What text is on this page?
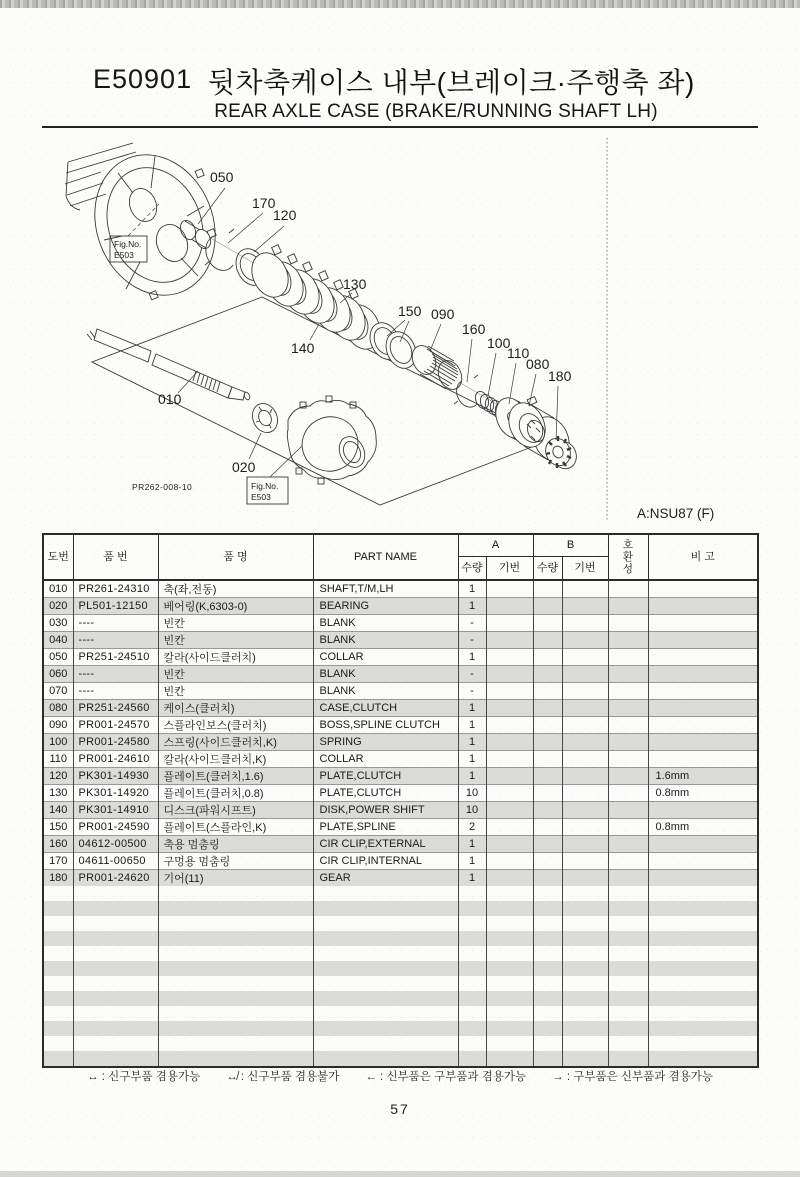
E50901 뒷차축케이스 내부(브레이크·주행축 좌)
REAR AXLE CASE (BRAKE/RUNNING SHAFT LH)
050
170
120
130
140
150 090
160
100
110
080
180
010
020
Fig.No.
E503
Fig.No.
E503
PR262-008-10
A:NSU87 (F)
도번	품 번	품 명	PART NAME	A		B		호환성	비 고
				수량	기번	수량	기번		
010	PR261-24310	축(좌,전동)	SHAFT,T/M,LH	1					
020	PL501-12150	베어링(K,6303-0)	BEARING	1					
030	----	빈칸	BLANK	-					
040	----	빈칸	BLANK	-					
050	PR251-24510	칼라(사이드클러치)	COLLAR	1					
060	----	빈칸	BLANK	-					
070	----	빈칸	BLANK	-					
080	PR251-24560	케이스(클러치)	CASE,CLUTCH	1					
090	PR001-24570	스플라인보스(클러치)	BOSS,SPLINE CLUTCH	1					
100	PR001-24580	스프링(사이드클러치,K)	SPRING	1					
110	PR001-24610	칼라(사이드클러치,K)	COLLAR	1					
120	PK301-14930	플레이트(클러치,1.6)	PLATE,CLUTCH	1					1.6mm
130	PK301-14920	플레이트(클러치,0.8)	PLATE,CLUTCH	10					0.8mm
140	PK301-14910	디스크(파워시프트)	DISK,POWER SHIFT	10					
150	PR001-24590	플레이트(스플라인,K)	PLATE,SPLINE	2					0.8mm
160	04612-00500	축용 멈춤링	CIR CLIP,EXTERNAL	1					
170	04611-00650	구멍용 멈춤링	CIR CLIP,INTERNAL	1					
180	PR001-24620	기어(11)	GEAR	1					

↔ : 신구부품 겸용가능 ↮ : 신구부품 겸용불가 ← : 신부품은 구부품과 겸용가능 → : 구부품은 신부품과 겸용가능
57
